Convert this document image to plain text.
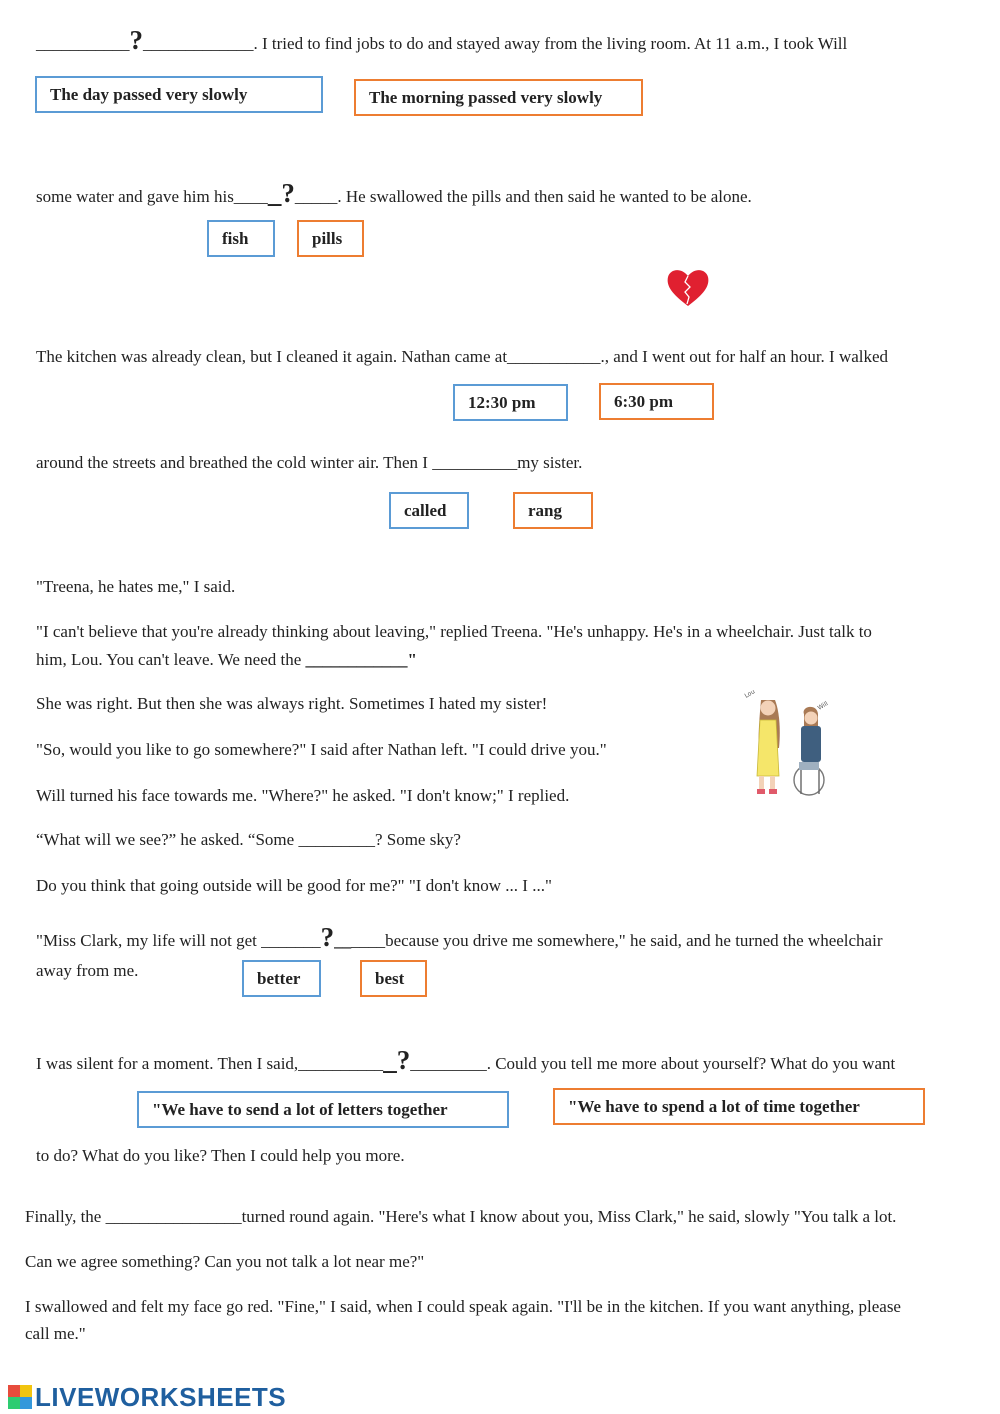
___________?_____________. I tried to find jobs to do and stayed away from the living room. At 11 a.m., I took Will
The day passed very slowly	The morning passed very slowly
some water and gave him his_____?_____. He swallowed the pills and then said he wanted to be alone.
fish	pills
The kitchen was already clean, but I cleaned it again. Nathan came at___________., and I went out for half an hour. I walked
12:30 pm	6:30 pm
around the streets and breathed the cold winter air. Then I __________my sister.
called	rang
"Treena, he hates me," I said.
"I can't believe that you're already thinking about leaving," replied Treena. "He's unhappy. He's in a wheelchair. Just talk to
him, Lou. You can't leave. We need the ____________"
She was right. But then she was always right. Sometimes I hated my sister!	Lou
Will
"So, would you like to go somewhere?" I said after Nathan left. "I could drive you."
Will turned his face towards me. "Where?" he asked. "I don't know;" I replied.
“What will we see?” he asked. “Some _________? Some sky?
Do you think that going outside will be good for me?" "I don't know ... I ..."
"Miss Clark, my life will not get _______?______because you drive me somewhere," he said, and he turned the wheelchair
away from me.	better	best
I was silent for a moment. Then I said,___________?_________. Could you tell me more about yourself? What do you want
"We have to send a lot of letters together	"We have to spend a lot of time together
to do? What do you like? Then I could help you more.
Finally, the ________________turned round again. "Here's what I know about you, Miss Clark," he said, slowly "You talk a lot.
Can we agree something? Can you not talk a lot near me?"
I swallowed and felt my face go red. "Fine," I said, when I could speak again. "I'll be in the kitchen. If you want anything, please
call me."
LIVEWORKSHEETS
